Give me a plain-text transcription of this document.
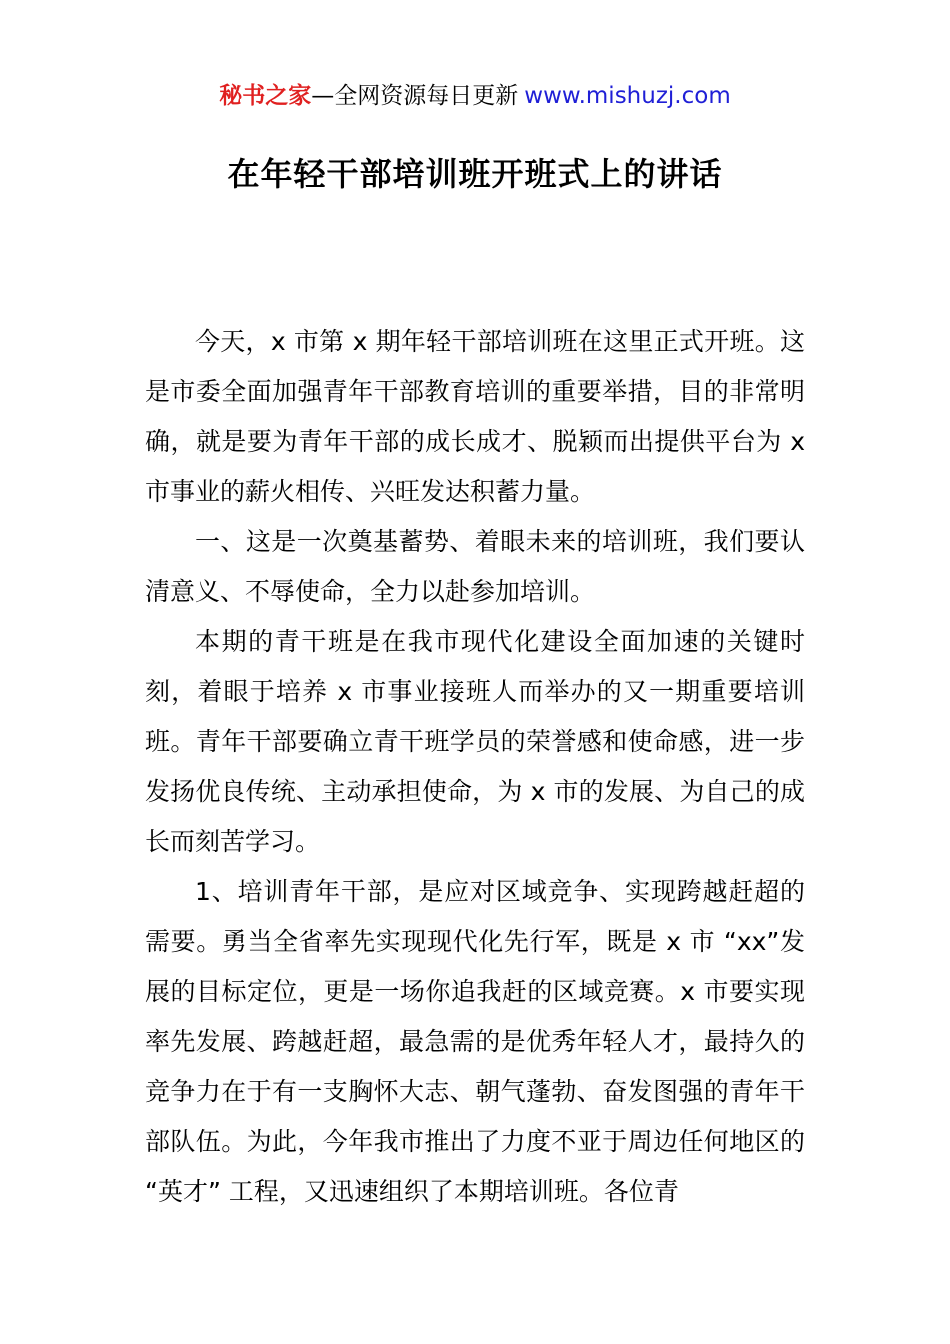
秘书之家—全网资源每日更新 www.mishuzj.com
在年轻干部培训班开班式上的讲话

今天，x 市第 x 期年轻干部培训班在这里正式开班。这是市委全面加强青年干部教育培训的重要举措，目的非常明确，就是要为青年干部的成长成才、脱颖而出提供平台为 x 市事业的薪火相传、兴旺发达积蓄力量。

一、这是一次奠基蓄势、着眼未来的培训班，我们要认清意义、不辱使命，全力以赴参加培训。

本期的青干班是在我市现代化建设全面加速的关键时刻，着眼于培养 x 市事业接班人而举办的又一期重要培训班。青年干部要确立青干班学员的荣誉感和使命感，进一步发扬优良传统、主动承担使命，为 x 市的发展、为自己的成长而刻苦学习。

1、培训青年干部，是应对区域竞争、实现跨越赶超的需要。勇当全省率先实现现代化先行军，既是 x 市 “xx”发展的目标定位，更是一场你追我赶的区域竞赛。x 市要实现率先发展、跨越赶超，最急需的是优秀年轻人才，最持久的竞争力在于有一支胸怀大志、朝气蓬勃、奋发图强的青年干部队伍。为此，今年我市推出了力度不亚于周边任何地区的 “英才” 工程，又迅速组织了本期培训班。各位青
